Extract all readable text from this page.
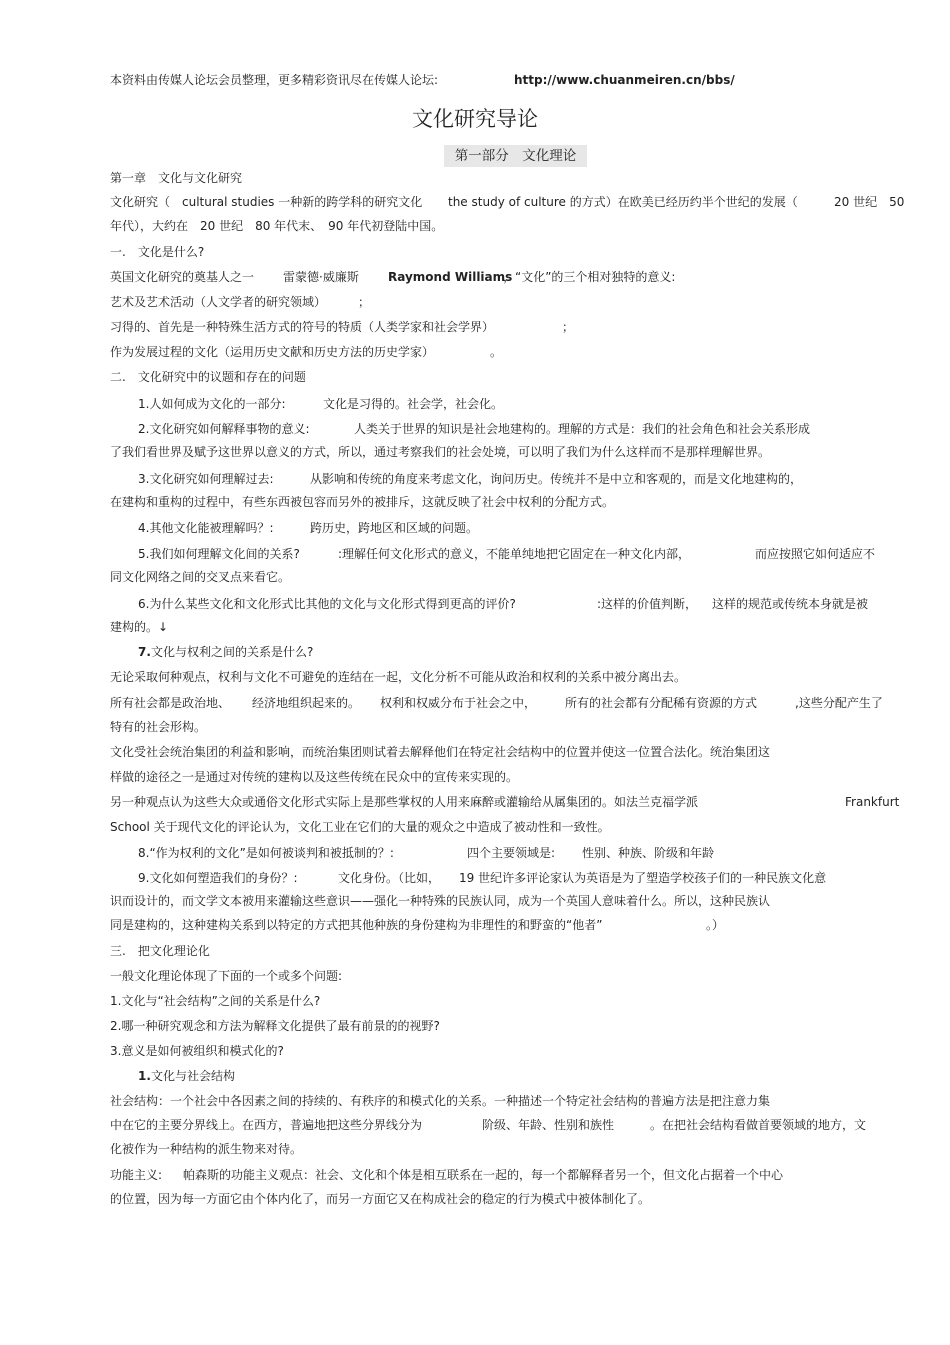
本资料由传媒人论坛会员整理，更多精彩资讯尽在传媒人论坛:	http://www.chuanmeiren.cn/bbs/
文化研究导论
第一部分　文化理论
第一章　文化与文化研究
文化研究（　cultural studies 一种新的跨学科的研究文化 the study of culture 的方式）在欧美已经历约半个世纪的发展（	20 世纪　50
年代），大约在　20 世纪　80 年代末、　90 年代初登陆中国。
一.　文化是什么?
英国文化研究的奠基人之一 雷蒙德·威廉斯 Raymond Williams
，“文化”的三个相对独特的意义:
艺术及艺术活动（人文学者的研究领域）	；
习得的、首先是一种特殊生活方式的符号的特质（人类学家和社会学界）	；
作为发展过程的文化（运用历史文献和历史方法的历史学家）	。
二.　文化研究中的议题和存在的问题
1.人如何成为文化的一部分:	文化是习得的。社会学，社会化。
2.文化研究如何解释事物的意义:	人类关于世界的知识是社会地建构的。理解的方式是：我们的社会角色和社会关系形成
了我们看世界及赋予这世界以意义的方式，所以，通过考察我们的社会处境，可以明了我们为什么这样而不是那样理解世界。
3.文化研究如何理解过去:	从影响和传统的角度来考虑文化，询问历史。传统并不是中立和客观的，而是文化地建构的，
在建构和重构的过程中，有些东西被包容而另外的被排斥，这就反映了社会中权利的分配方式。
4.其他文化能被理解吗？:	跨历史，跨地区和区域的问题。
5.我们如何理解文化间的关系?	:理解任何文化形式的意义，不能单纯地把它固定在一种文化内部，	而应按照它如何适应不
同文化网络之间的交叉点来看它。
6.为什么某些文化和文化形式比其他的文化与文化形式得到更高的评价?	:这样的价值判断， 这样的规范或传统本身就是被
建构的。↓
7. 文化与权利之间的关系是什么?
无论采取何种观点，权利与文化不可避免的连结在一起，文化分析不可能从政治和权利的关系中被分离出去。
所有社会都是政治地、 经济地组织起来的。 权利和权威分布于社会之中， 所有的社会都有分配稀有资源的方式	,这些分配产生了
特有的社会形构。
文化受社会统治集团的利益和影响，而统治集团则试着去解释他们在特定社会结构中的位置并使这一位置合法化。统治集团这
样做的途径之一是通过对传统的建构以及这些传统在民众中的宣传来实现的。
另一种观点认为这些大众或通俗文化形式实际上是那些掌权的人用来麻醉或灌输给从属集团的。如法兰克福学派	Frankfurt
School 关于现代文化的评论认为，文化工业在它们的大量的观众之中造成了被动性和一致性。
8.“作为权利的文化”是如何被谈判和被抵制的？:	四个主要领域是: 性别、种族、阶级和年龄
9.文化如何塑造我们的身份？:	文化身份。（比如， 19 世纪许多评论家认为英语是为了塑造学校孩子们的一种民族文化意
识而设计的，而文学文本被用来灌输这些意识——强化一种特殊的民族认同，成为一个英国人意味着什么。所以，这种民族认
同是建构的，这种建构关系到以特定的方式把其他种族的身份建构为非理性的和野蛮的“他者”	。）
三.　把文化理论化
一般文化理论体现了下面的一个或多个问题:
1.文化与“社会结构”之间的关系是什么?
2.哪一种研究观念和方法为解释文化提供了最有前景的的视野?
3.意义是如何被组织和模式化的?
1. 文化与社会结构
社会结构：一个社会中各因素之间的持续的、有秩序的和模式化的关系。一种描述一个特定社会结构的普遍方法是把注意力集
中在它的主要分界线上。在西方，普遍地把这些分界线分为	阶级、年龄、性别和族性	。在把社会结构看做首要领域的地方，文
化被作为一种结构的派生物来对待。
功能主义: 帕森斯的功能主义观点：社会、文化和个体是相互联系在一起的，每一个都解释者另一个，但文化占据着一个中心
的位置，因为每一方面它由个体内化了，而另一方面它又在构成社会的稳定的行为模式中被体制化了。
